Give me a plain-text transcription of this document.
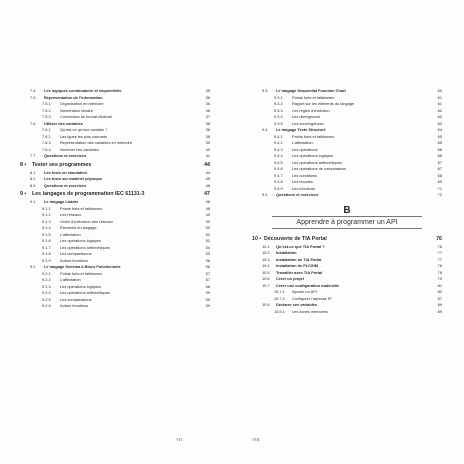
7.4	Les logiques combinatoire et séquentielle	35
7.5	Représentation de l’information	36
7.5.1	Organisation en mémoire	36
7.5.2	Numération binaire	36
7.5.3	Conversion au format décimal	37
7.6	Utiliser des variables	38
7.6.1	Qu’est-ce qu’une variable ?	38
7.6.2	Les types les plus courants	38
7.6.3	Représentation des variables en mémoire	39
7.6.4	Nommer ses variables	40
7.7	Questions et exercices	41
8 ▪	Tester ses programmes	44
8.1	Les tests en simulation	44
8.2	Les tests sur matériel physique	45
8.3	Questions et exercices	46
9 ▪	Les langages de programmation IEC 61131-3	47
9.1	Le langage Ladder	48
9.1.1	Points forts et faiblesses	48
9.1.2	Les réseaux	49
9.1.3	Ordre d’exécution des réseaux	50
9.1.4	Éléments du langage	50
9.1.5	L’affectation	52
9.1.6	Les opérations logiques	52
9.1.7	Les opérations arithmétiques	54
9.1.8	Les comparaisons	55
9.1.9	Autres fonctions	56
9.2	Le langage Schéma à Blocs Fonctionnels	56
9.2.1	Points forts et faiblesses	57
9.2.2	L’affectation	57
9.2.3	Les opérations logiques	58
9.2.4	Les opérations arithmétiques	59
9.2.5	Les comparaisons	59
9.2.6	Autres fonctions	59
VII
9.3	Le langage Sequential Function Chart	60
9.3.1	Points forts et faiblesses	61
9.3.2	Rappel sur les éléments du langage	61
9.3.3	Les règles d’évolution	62
9.3.4	Les divergences	62
9.3.5	Les convergences	63
9.4	Le langage Texte Structuré	64
9.4.1	Points forts et faiblesses	65
9.4.2	L’affectation	65
9.4.3	Les opérations	66
9.4.4	Les opérations logiques	66
9.4.5	Les opérations arithmétiques	67
9.4.6	Les opérations de comparaison	67
9.4.7	Les conditions	68
9.4.8	Les boucles	69
9.4.9	Les fonctions	71
9.5	Questions et exercices	72
B
Apprendre à programmer un API
10 ▪ Découverte de TIA Portal	76
10.1	Qu’est-ce que TIA Portal ?	76
10.2	Installation	77
10.3	Installation de TIA Portal	77
10.4	Installation de PLCSIM	78
10.5	Travailler avec TIA Portal	78
10.6	Créer un projet	79
10.7	Créer une configuration matérielle	81
10.7.1	Ajouter un API	82
10.7.2	Configurer l’adresse IP	87
10.8	Déclarer ses variables	89
10.8.1	Les zones mémoires	89
VIII
